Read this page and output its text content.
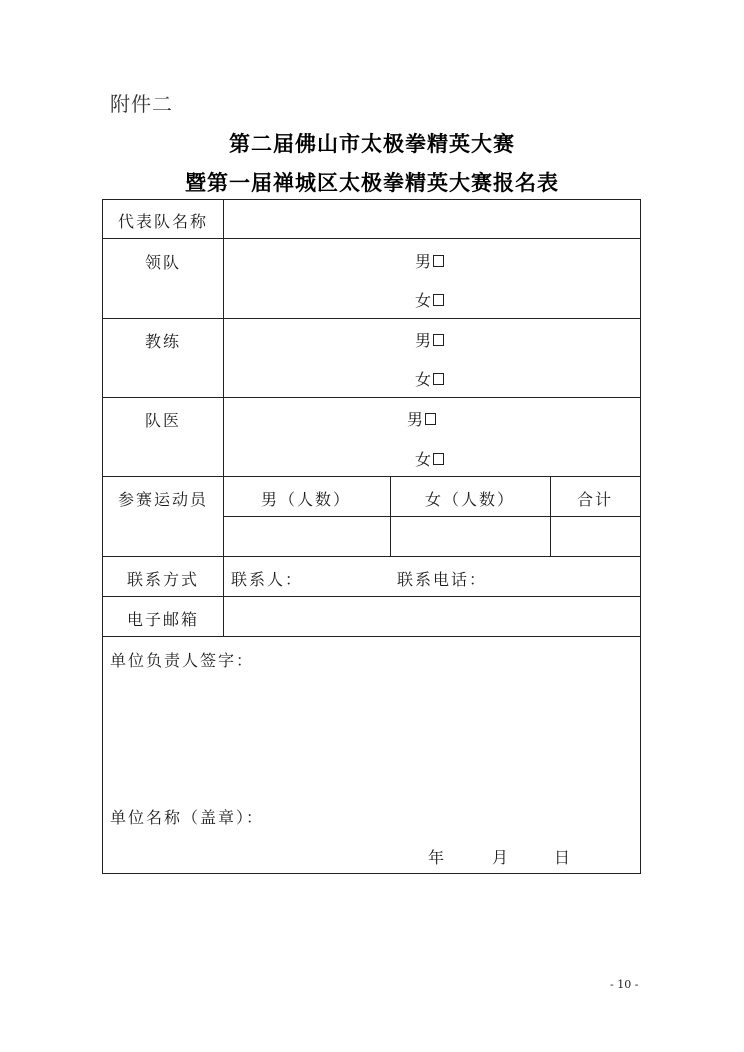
附件二
第二届佛山市太极拳精英大赛
暨第一届禅城区太极拳精英大赛报名表
代表队名称
领队	男
女
教练	男
女
队医	男
女
参赛运动员	男（人数）	女（人数）	合计
联系方式 联系人：	联系电话：
电子邮箱
单位负责人签字：
单位名称（盖章）：
年	月	日
- 10 -
